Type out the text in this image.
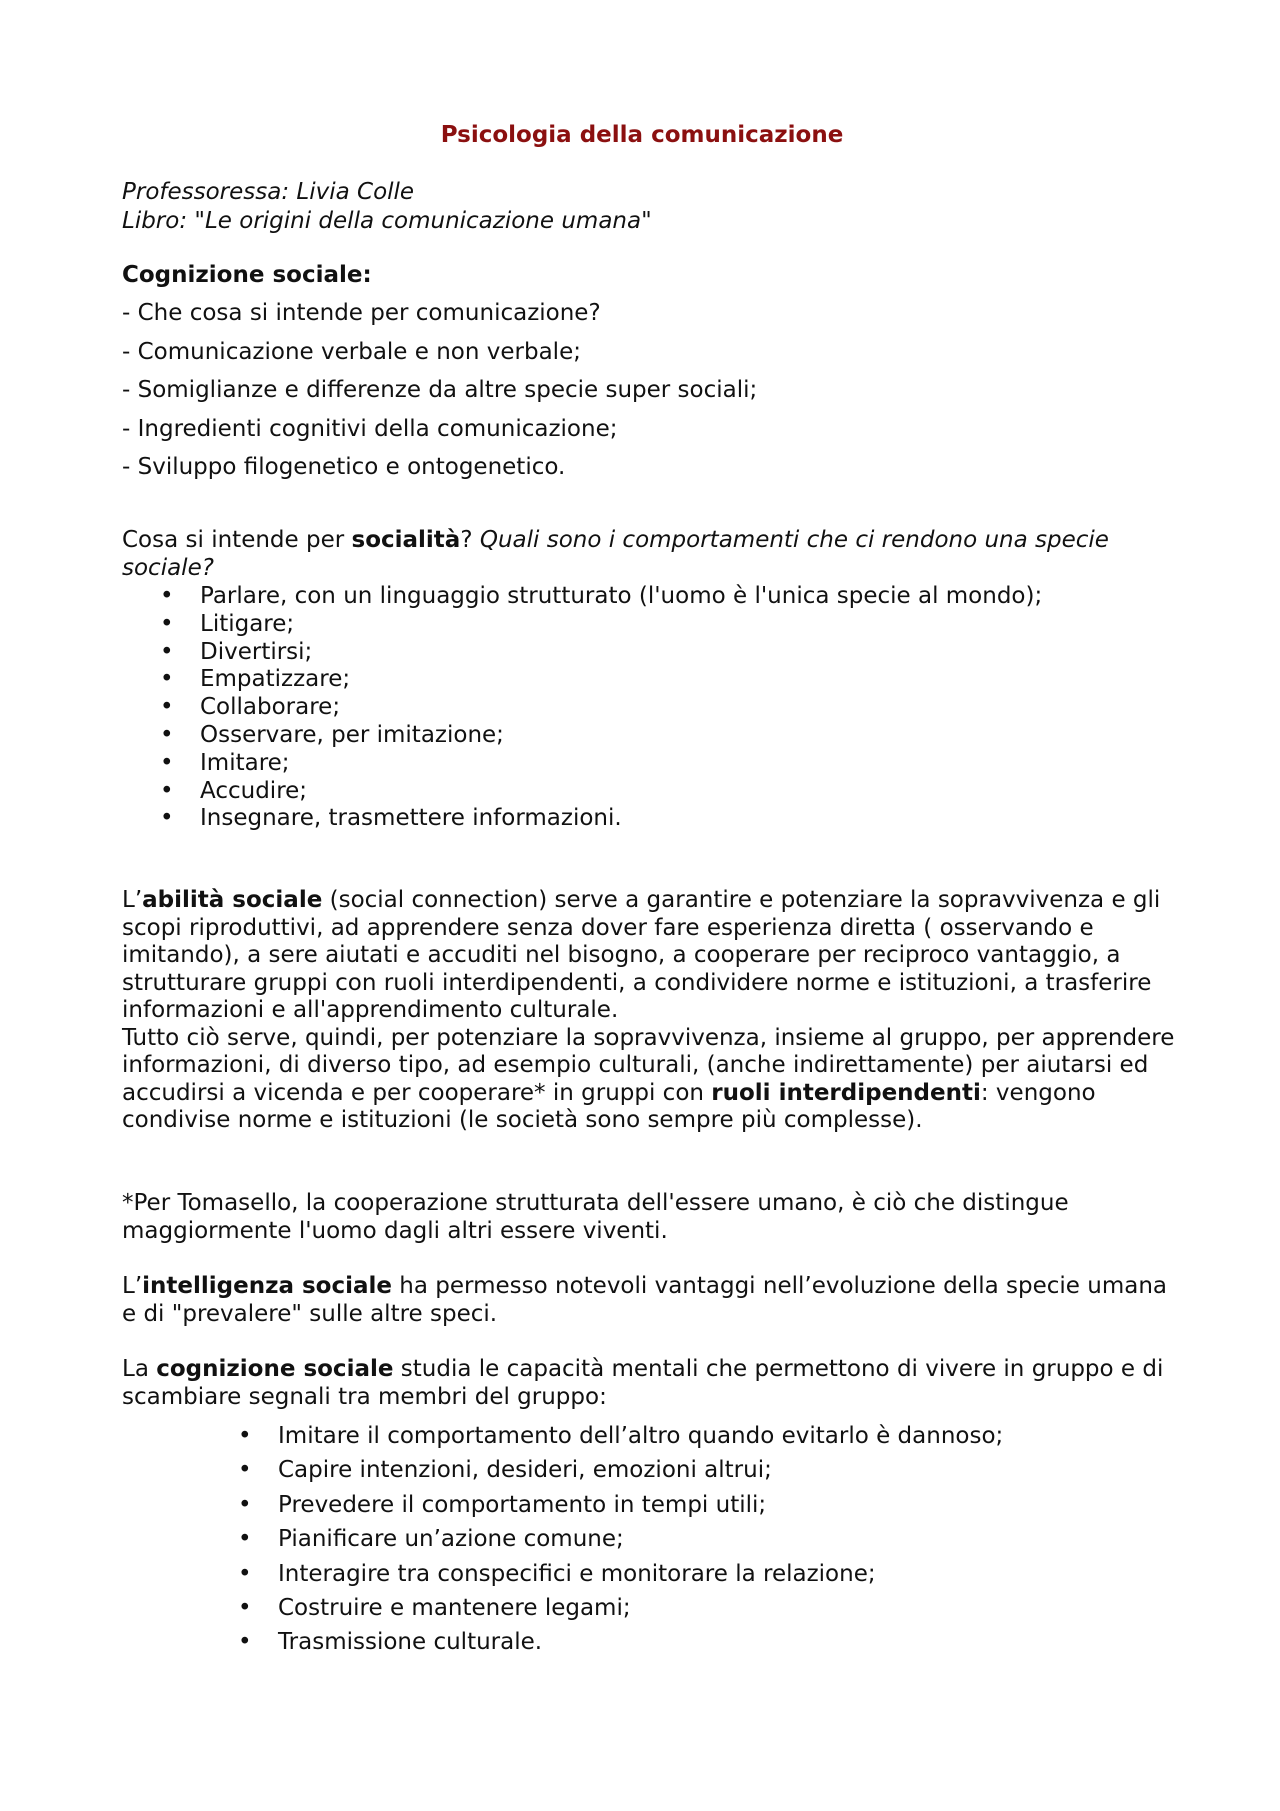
Psicologia della comunicazione
Professoressa: Livia Colle
Libro: "Le origini della comunicazione umana"
Cognizione sociale:
- Che cosa si intende per comunicazione?
- Comunicazione verbale e non verbale;
- Somiglianze e differenze da altre specie super sociali;
- Ingredienti cognitivi della comunicazione;
- Sviluppo filogenetico e ontogenetico.
Cosa si intende per socialità? Quali sono i comportamenti che ci rendono una specie sociale?
•	Parlare, con un linguaggio strutturato (l'uomo è l'unica specie al mondo);
•	Litigare;
•	Divertirsi;
•	Empatizzare;
•	Collaborare;
•	Osservare, per imitazione;
•	Imitare;
•	Accudire;
•	Insegnare, trasmettere informazioni.
L’abilità sociale (social connection) serve a garantire e potenziare la sopravvivenza e gli scopi riproduttivi, ad apprendere senza dover fare esperienza diretta ( osservando e imitando), a sere aiutati e accuditi nel bisogno, a cooperare per reciproco vantaggio, a strutturare gruppi con ruoli interdipendenti, a condividere norme e istituzioni, a trasferire informazioni e all'apprendimento culturale.
Tutto ciò serve, quindi, per potenziare la sopravvivenza, insieme al gruppo, per apprendere informazioni, di diverso tipo, ad esempio culturali, (anche indirettamente) per aiutarsi ed accudirsi a vicenda e per cooperare* in gruppi con ruoli interdipendenti: vengono condivise norme e istituzioni (le società sono sempre più complesse).
*Per Tomasello, la cooperazione strutturata dell'essere umano, è ciò che distingue maggiormente l'uomo dagli altri essere viventi.
L’intelligenza sociale ha permesso notevoli vantaggi nell’evoluzione della specie umana e di "prevalere" sulle altre speci.
La cognizione sociale studia le capacità mentali che permettono di vivere in gruppo e di scambiare segnali tra membri del gruppo:
•	Imitare il comportamento dell’altro quando evitarlo è dannoso;
•	Capire intenzioni, desideri, emozioni altrui;
•	Prevedere il comportamento in tempi utili;
•	Pianificare un’azione comune;
•	Interagire tra conspecifici e monitorare la relazione;
•	Costruire e mantenere legami;
•	Trasmissione culturale.
